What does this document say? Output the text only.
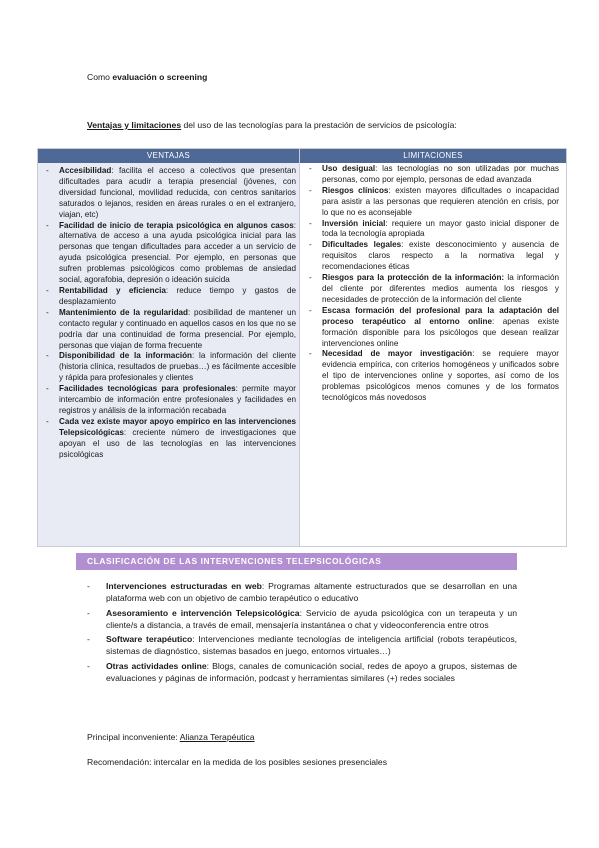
Como evaluación o screening
Ventajas y limitaciones del uso de las tecnologías para la prestación de servicios de psicología:
VENTAJAS	LIMITACIONES
- Accesibilidad: facilita el acceso a colectivos que presentan dificultades para acudir a terapia presencial (jóvenes, con diversidad funcional, movilidad reducida, con centros sanitarios saturados o lejanos, residen en áreas rurales o en el extranjero, viajan, etc)
- Facilidad de inicio de terapia psicológica en algunos casos: alternativa de acceso a una ayuda psicológica inicial para las personas que tengan dificultades para acceder a un servicio de ayuda psicológica presencial. Por ejemplo, en personas que sufren problemas psicológicos como problemas de ansiedad social, agorafobia, depresión o ideación suicida
- Rentabilidad y eficiencia: reduce tiempo y gastos de desplazamiento
- Mantenimiento de la regularidad: posibilidad de mantener un contacto regular y continuado en aquellos casos en los que no se podría dar una continuidad de forma presencial. Por ejemplo, personas que viajan de forma frecuente
- Disponibilidad de la información: la información del cliente (historia clínica, resultados de pruebas…) es fácilmente accesible y rápida para profesionales y clientes
- Facilidades tecnológicas para profesionales: permite mayor intercambio de información entre profesionales y facilidades en registros y análisis de la información recabada
- Cada vez existe mayor apoyo empírico en las intervenciones Telepsicológicas: creciente número de investigaciones que apoyan el uso de las tecnologías en las intervenciones psicológicas
- Uso desigual: las tecnologías no son utilizadas por muchas personas, como por ejemplo, personas de edad avanzada
- Riesgos clínicos: existen mayores dificultades o incapacidad para asistir a las personas que requieren atención en crisis, por lo que no es aconsejable
- Inversión inicial: requiere un mayor gasto inicial disponer de toda la tecnología apropiada
- Dificultades legales: existe desconocimiento y ausencia de requisitos claros respecto a la normativa legal y recomendaciones éticas
- Riesgos para la protección de la información: la información del cliente por diferentes medios aumenta los riesgos y necesidades de protección de la información del cliente
- Escasa formación del profesional para la adaptación del proceso terapéutico al entorno online: apenas existe formación disponible para los psicólogos que desean realizar intervenciones online
- Necesidad de mayor investigación: se requiere mayor evidencia empírica, con criterios homogéneos y unificados sobre el tipo de intervenciones online y soportes, así como de los problemas psicológicos menos comunes y de los formatos tecnológicos más novedosos
CLASIFICACIÓN DE LAS INTERVENCIONES TELEPSICOLÓGICAS
- Intervenciones estructuradas en web: Programas altamente estructurados que se desarrollan en una plataforma web con un objetivo de cambio terapéutico o educativo
- Asesoramiento e intervención Telepsicológica: Servicio de ayuda psicológica con un terapeuta y un cliente/s a distancia, a través de email, mensajería instantánea o chat y videoconferencia entre otros
- Software terapéutico: Intervenciones mediante tecnologías de inteligencia artificial (robots terapéuticos, sistemas de diagnóstico, sistemas basados en juego, entornos virtuales…)
- Otras actividades online: Blogs, canales de comunicación social, redes de apoyo a grupos, sistemas de evaluaciones y páginas de información, podcast y herramientas similares (+) redes sociales
Principal inconveniente: Alianza Terapéutica
Recomendación: intercalar en la medida de los posibles sesiones presenciales
